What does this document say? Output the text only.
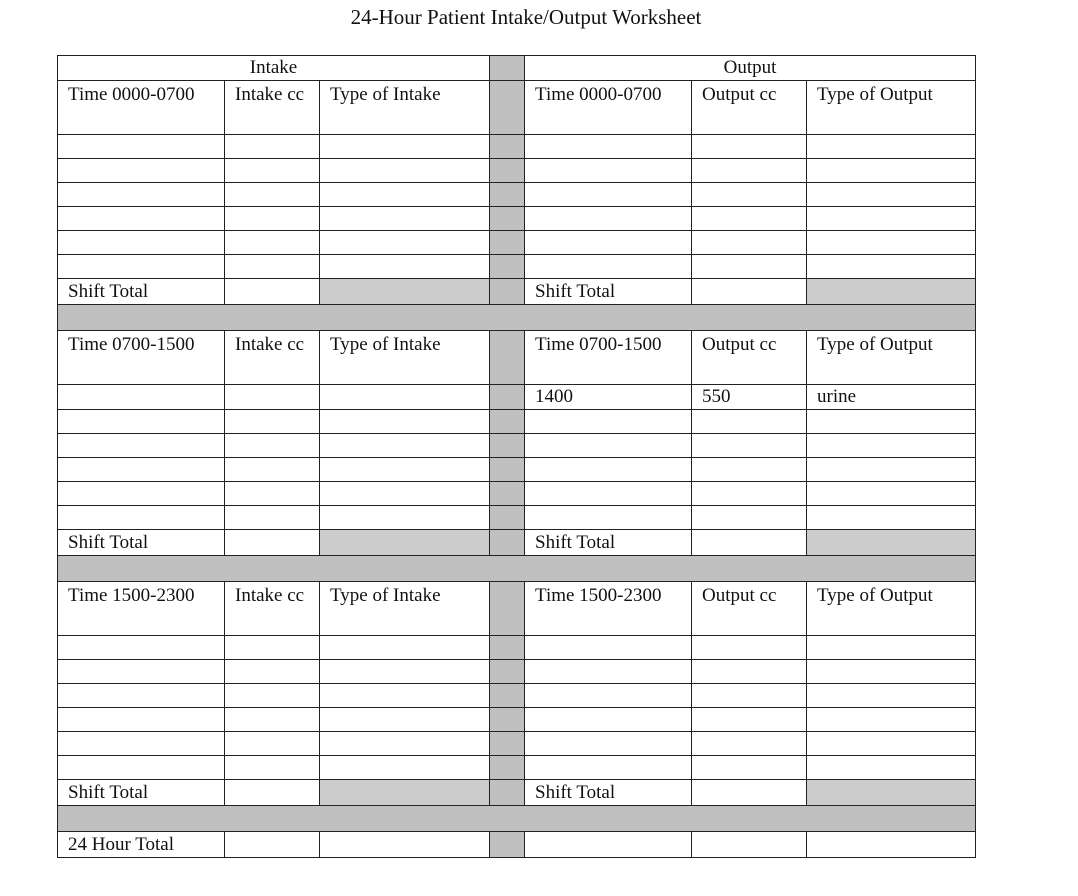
24-Hour Patient Intake/Output Worksheet
Intake				Output		
Time 0000-0700	Intake cc	Type of Intake		Time 0000-0700	Output cc	Type of Output

Shift Total				Shift Total		

Time 0700-1500	Intake cc	Type of Intake		Time 0700-1500	Output cc	Type of Output
				1400	550	urine

Shift Total				Shift Total		

Time 1500-2300	Intake cc	Type of Intake		Time 1500-2300	Output cc	Type of Output

Shift Total				Shift Total		

24 Hour Total						
